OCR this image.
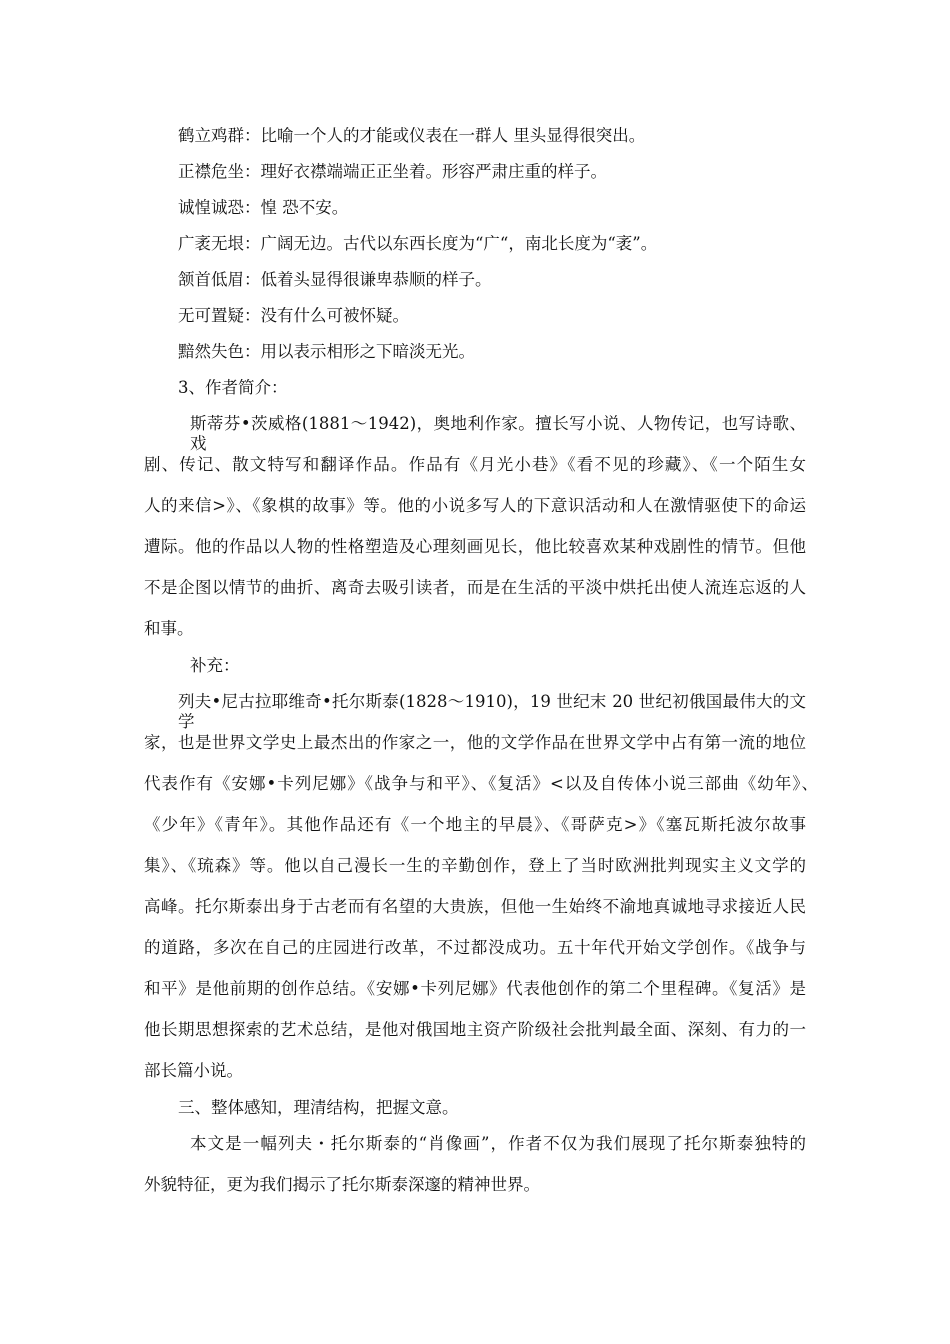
鹤立鸡群：比喻一个人的才能或仪表在一群人 里头显得很突出。
正襟危坐：理好衣襟端端正正坐着。形容严肃庄重的样子。
诚惶诚恐：惶 恐不安。
广袤无垠：广阔无边。古代以东西长度为“广“，南北长度为“袤”。
颔首低眉：低着头显得很谦卑恭顺的样子。
无可置疑：没有什么可被怀疑。
黯然失色：用以表示相形之下暗淡无光。
3、作者简介：
斯蒂芬•茨威格(1881～1942)，奥地利作家。擅长写小说、人物传记，也写诗歌、戏
剧、传记、散文特写和翻译作品。作品有《月光小巷》《看不见的珍藏》、《一个陌生女
人的来信>》、《象棋的故事》等。他的小说多写人的下意识活动和人在激情驱使下的命运
遭际。他的作品以人物的性格塑造及心理刻画见长，他比较喜欢某种戏剧性的情节。但他
不是企图以情节的曲折、离奇去吸引读者，而是在生活的平淡中烘托出使人流连忘返的人
和事。
补充：
列夫•尼古拉耶维奇•托尔斯泰(1828～1910)，19 世纪末 20 世纪初俄国最伟大的文学
家，也是世界文学史上最杰出的作家之一，他的文学作品在世界文学中占有第一流的地位
代表作有《安娜•卡列尼娜》《战争与和平》、《复活》<以及自传体小说三部曲《幼年》、
《少年》《青年》。其他作品还有《一个地主的早晨》、《哥萨克>》《塞瓦斯托波尔故事
集》、《琉森》等。他以自己漫长一生的辛勤创作，登上了当时欧洲批判现实主义文学的
高峰。托尔斯泰出身于古老而有名望的大贵族，但他一生始终不渝地真诚地寻求接近人民
的道路，多次在自己的庄园进行改革，不过都没成功。五十年代开始文学创作。《战争与
和平》是他前期的创作总结。《安娜•卡列尼娜》代表他创作的第二个里程碑。《复活》是
他长期思想探索的艺术总结，是他对俄国地主资产阶级社会批判最全面、深刻、有力的一
部长篇小说。
三、整体感知，理清结构，把握文意。
本文是一幅列夫・托尔斯泰的“肖像画”，作者不仅为我们展现了托尔斯泰独特的
外貌特征，更为我们揭示了托尔斯泰深邃的精神世界。
